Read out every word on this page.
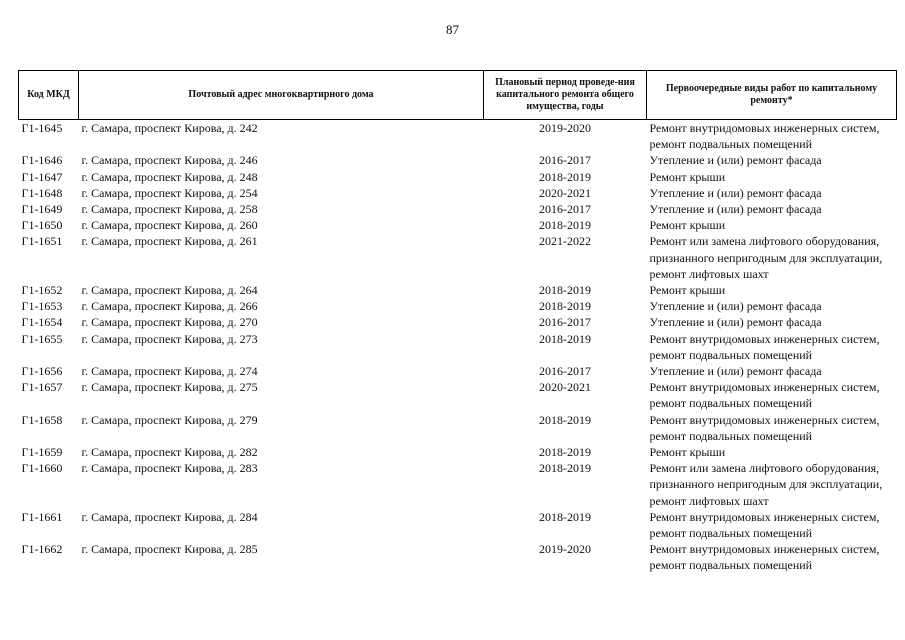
87
Код МКД	Почтовый адрес многоквартирного дома	Плановый период проведе-ния капитального ремонта общего имущества, годы	Первоочередные виды работ по капитальному ремонту*
Г1-1645	г. Самара, проспект Кирова, д. 242	2019-2020	Ремонт внутридомовых инженерных систем,
ремонт подвальных помещений

Г1-1646	г. Самара, проспект Кирова, д. 246	2016-2017	Утепление и (или) ремонт фасада

Г1-1647	г. Самара, проспект Кирова, д. 248	2018-2019	Ремонт крыши

Г1-1648	г. Самара, проспект Кирова, д. 254	2020-2021	Утепление и (или) ремонт фасада

Г1-1649	г. Самара, проспект Кирова, д. 258	2016-2017	Утепление и (или) ремонт фасада

Г1-1650	г. Самара, проспект Кирова, д. 260	2018-2019	Ремонт крыши

Г1-1651	г. Самара, проспект Кирова, д. 261	2021-2022	Ремонт или замена лифтового оборудования,
признанного непригодным для эксплуатации,
ремонт лифтовых шахт

Г1-1652	г. Самара, проспект Кирова, д. 264	2018-2019	Ремонт крыши

Г1-1653	г. Самара, проспект Кирова, д. 266	2018-2019	Утепление и (или) ремонт фасада

Г1-1654	г. Самара, проспект Кирова, д. 270	2016-2017	Утепление и (или) ремонт фасада

Г1-1655	г. Самара, проспект Кирова, д. 273	2018-2019	Ремонт внутридомовых инженерных систем,
ремонт подвальных помещений

Г1-1656	г. Самара, проспект Кирова, д. 274	2016-2017	Утепление и (или) ремонт фасада

Г1-1657	г. Самара, проспект Кирова, д. 275	2020-2021	Ремонт внутридомовых инженерных систем,
ремонт подвальных помещений

Г1-1658	г. Самара, проспект Кирова, д. 279	2018-2019	Ремонт внутридомовых инженерных систем,
ремонт подвальных помещений

Г1-1659	г. Самара, проспект Кирова, д. 282	2018-2019	Ремонт крыши

Г1-1660	г. Самара, проспект Кирова, д. 283	2018-2019	Ремонт или замена лифтового оборудования,
признанного непригодным для эксплуатации,
ремонт лифтовых шахт

Г1-1661	г. Самара, проспект Кирова, д. 284	2018-2019	Ремонт внутридомовых инженерных систем,
ремонт подвальных помещений

Г1-1662	г. Самара, проспект Кирова, д. 285	2019-2020	Ремонт внутридомовых инженерных систем,
ремонт подвальных помещений
